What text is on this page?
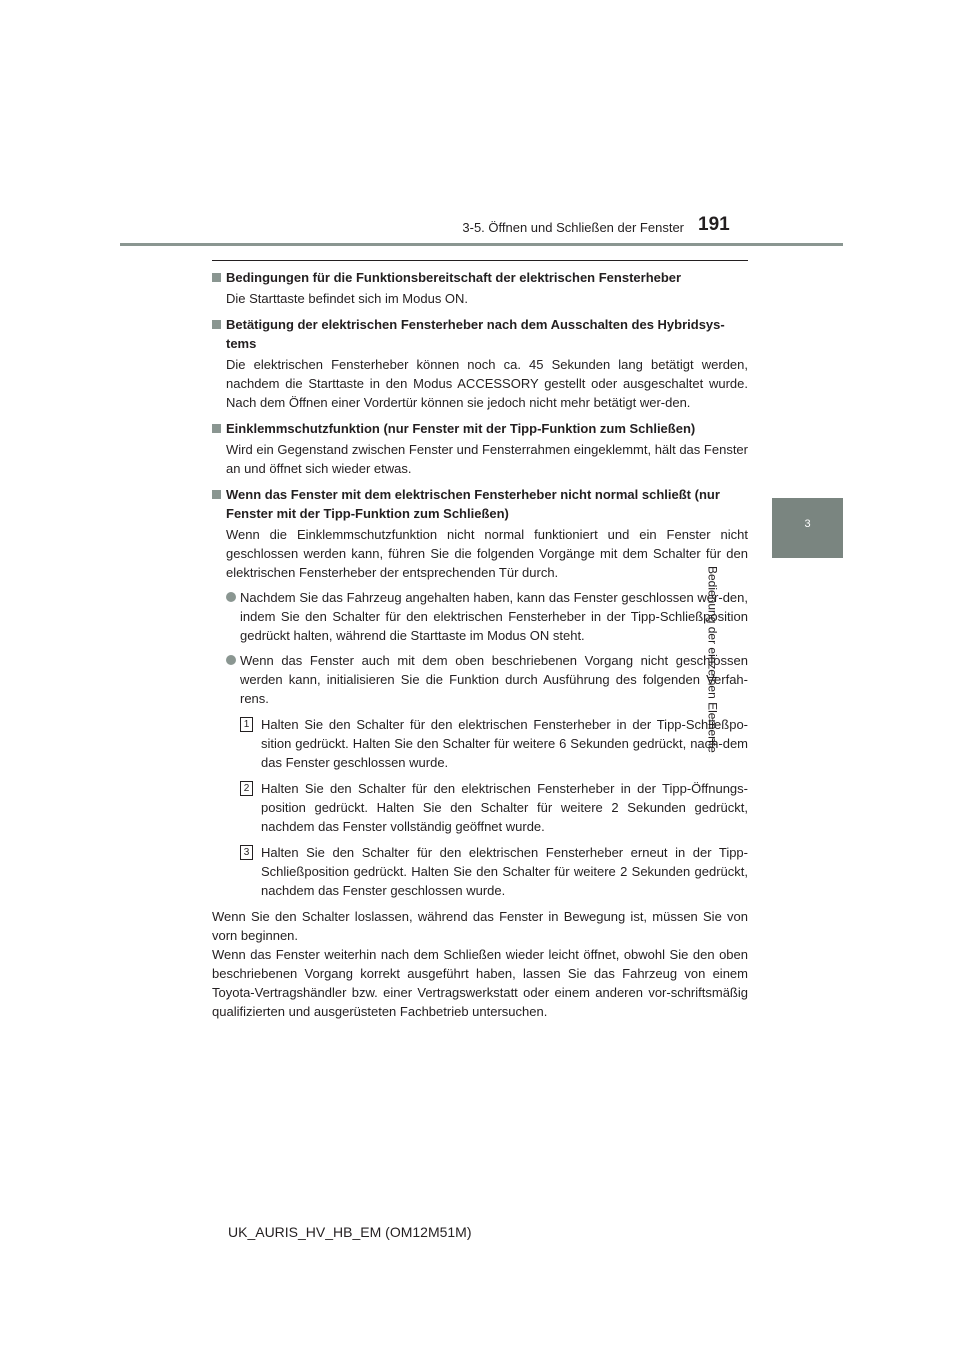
3-5. Öffnen und Schließen der Fenster 191
3
Bedienung der einzelnen Elemente
Bedingungen für die Funktionsbereitschaft der elektrischen Fensterheber
Die Starttaste befindet sich im Modus ON.
Betätigung der elektrischen Fensterheber nach dem Ausschalten des Hybridsys-tems
Die elektrischen Fensterheber können noch ca. 45 Sekunden lang betätigt werden, nachdem die Starttaste in den Modus ACCESSORY gestellt oder ausgeschaltet wurde. Nach dem Öffnen einer Vordertür können sie jedoch nicht mehr betätigt wer-den.
Einklemmschutzfunktion (nur Fenster mit der Tipp-Funktion zum Schließen)
Wird ein Gegenstand zwischen Fenster und Fensterrahmen eingeklemmt, hält das Fenster an und öffnet sich wieder etwas.
Wenn das Fenster mit dem elektrischen Fensterheber nicht normal schließt (nur Fenster mit der Tipp-Funktion zum Schließen)
Wenn die Einklemmschutzfunktion nicht normal funktioniert und ein Fenster nicht geschlossen werden kann, führen Sie die folgenden Vorgänge mit dem Schalter für den elektrischen Fensterheber der entsprechenden Tür durch.
Nachdem Sie das Fahrzeug angehalten haben, kann das Fenster geschlossen wer-den, indem Sie den Schalter für den elektrischen Fensterheber in der Tipp-Schließposition gedrückt halten, während die Starttaste im Modus ON steht.
Wenn das Fenster auch mit dem oben beschriebenen Vorgang nicht geschlossen werden kann, initialisieren Sie die Funktion durch Ausführung des folgenden Verfah-rens.
1 Halten Sie den Schalter für den elektrischen Fensterheber in der Tipp-Schließpo-sition gedrückt. Halten Sie den Schalter für weitere 6 Sekunden gedrückt, nach-dem das Fenster geschlossen wurde.
2 Halten Sie den Schalter für den elektrischen Fensterheber in der Tipp-Öffnungs-position gedrückt. Halten Sie den Schalter für weitere 2 Sekunden gedrückt, nachdem das Fenster vollständig geöffnet wurde.
3 Halten Sie den Schalter für den elektrischen Fensterheber erneut in der Tipp-Schließposition gedrückt. Halten Sie den Schalter für weitere 2 Sekunden gedrückt, nachdem das Fenster geschlossen wurde.
Wenn Sie den Schalter loslassen, während das Fenster in Bewegung ist, müssen Sie von vorn beginnen.
Wenn das Fenster weiterhin nach dem Schließen wieder leicht öffnet, obwohl Sie den oben beschriebenen Vorgang korrekt ausgeführt haben, lassen Sie das Fahrzeug von einem Toyota-Vertragshändler bzw. einer Vertragswerkstatt oder einem anderen vor-schriftsmäßig qualifizierten und ausgerüsteten Fachbetrieb untersuchen.
UK_AURIS_HV_HB_EM (OM12M51M)
